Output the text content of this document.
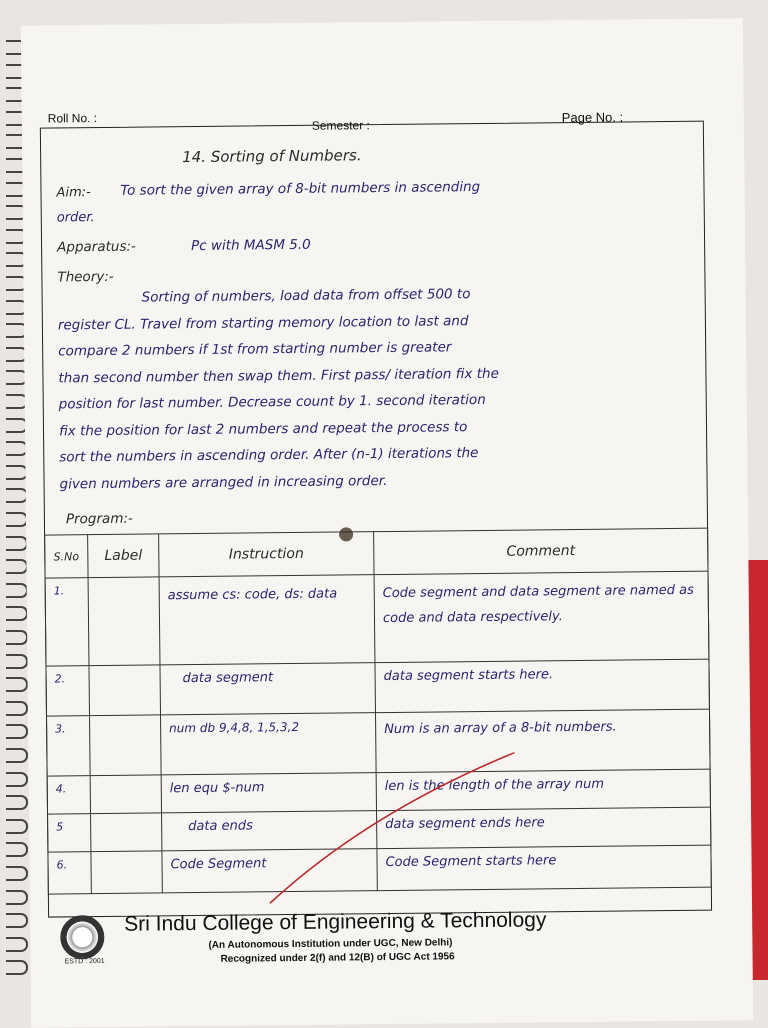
Roll No. :	Semester :
Page No. :
14. Sorting of Numbers.
Aim:- To sort the given array of 8-bit numbers in ascending
order.
Apparatus:-	Pc with MASM 5.0
Theory:-
Sorting of numbers, load data from offset 500 to
register CL. Travel from starting memory location to last and
compare 2 numbers if 1st from starting number is greater
than second number then swap them. First pass/ iteration fix the
position for last number. Decrease count by 1. second iteration
fix the position for last 2 numbers and repeat the process to
sort the numbers in ascending order. After (n-1) iterations the
given numbers are arranged in increasing order.
Program:-
S.No	Label	Instruction	Comment
1.		assume cs: code, ds: data	Code segment and data segment are named as code and data respectively.
2.		data segment	data segment starts here.
3.		num db 9,4,8, 1,5,3,2	Num is an array of a 8-bit numbers.
4.		len equ $-num	len is the length of the array num
5		data ends	data segment ends here
6.		Code Segment	Code Segment starts here
ESTD : 2001
Sri Indu College of Engineering & Technology
(An Autonomous Institution under UGC, New Delhi)
Recognized under 2(f) and 12(B) of UGC Act 1956
